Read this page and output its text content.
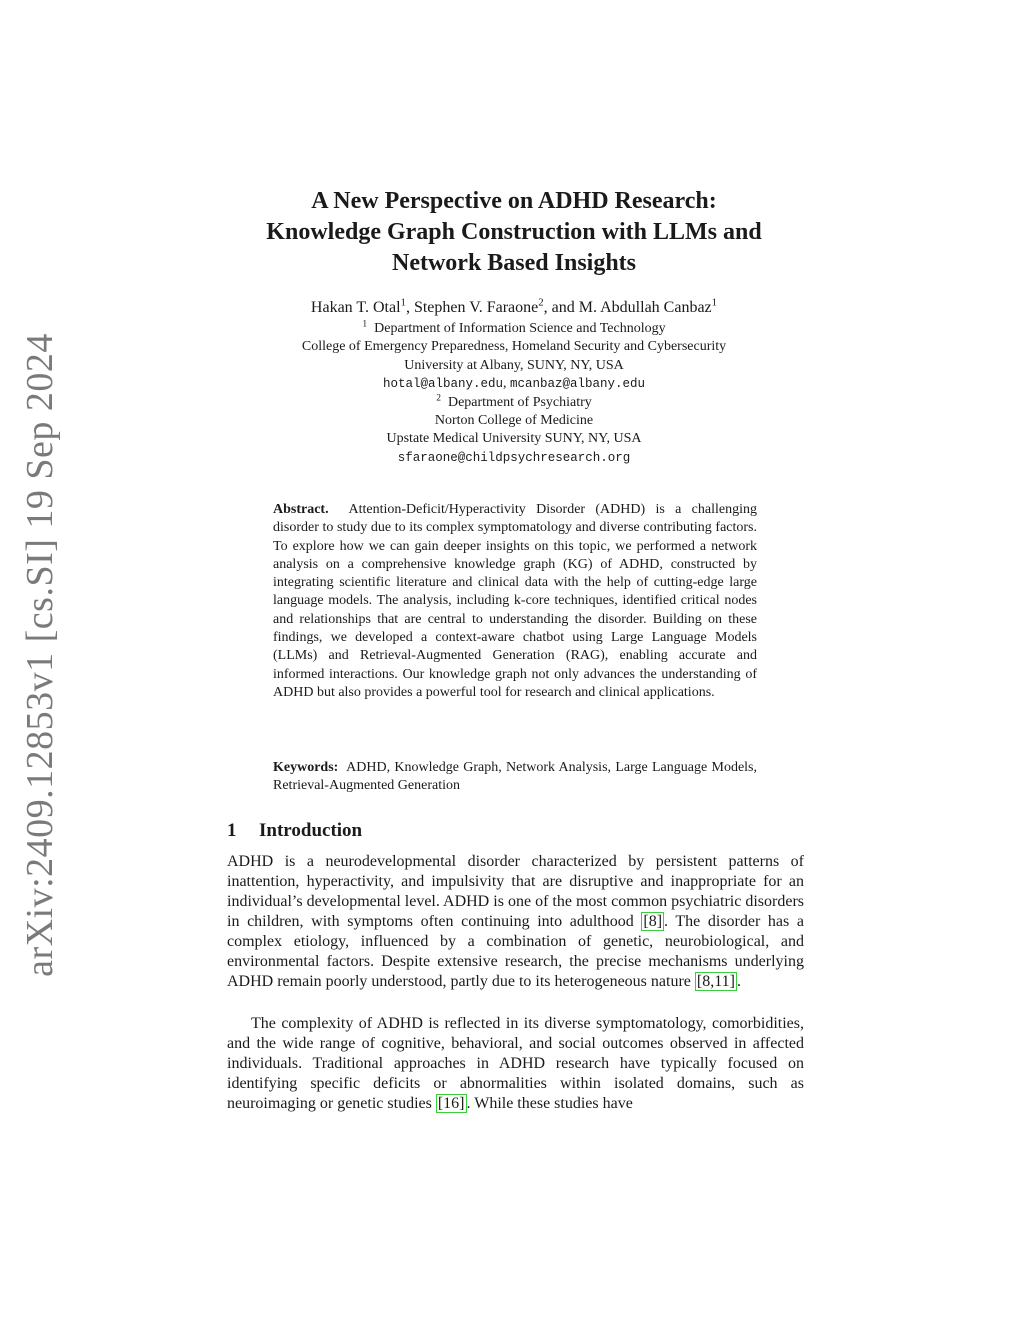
arXiv:2409.12853v1 [cs.SI] 19 Sep 2024
A New Perspective on ADHD Research:
Knowledge Graph Construction with LLMs and
Network Based Insights
Hakan T. Otal$^1$, Stephen V. Faraone$^2$, and M. Abdullah Canbaz$^1$
$^1$ Department of Information Science and Technology
College of Emergency Preparedness, Homeland Security and Cybersecurity
University at Albany, SUNY, NY, USA
hotal@albany.edu, mcanbaz@albany.edu
$^2$ Department of Psychiatry
Norton College of Medicine
Upstate Medical University SUNY, NY, USA
sfaraone@childpsychresearch.org
Abstract. Attention-Deficit/Hyperactivity Disorder (ADHD) is a challenging disorder to study due to its complex symptomatology and diverse contributing factors. To explore how we can gain deeper insights on this topic, we performed a network analysis on a comprehensive knowledge graph (KG) of ADHD, constructed by integrating scientific literature and clinical data with the help of cutting-edge large language models. The analysis, including k-core techniques, identified critical nodes and relationships that are central to understanding the disorder. Building on these findings, we developed a context-aware chatbot using Large Language Models (LLMs) and Retrieval-Augmented Generation (RAG), enabling accurate and informed interactions. Our knowledge graph not only advances the understanding of ADHD but also provides a powerful tool for research and clinical applications.
Keywords: ADHD, Knowledge Graph, Network Analysis, Large Language Models, Retrieval-Augmented Generation
1 Introduction

ADHD is a neurodevelopmental disorder characterized by persistent patterns of inattention, hyperactivity, and impulsivity that are disruptive and inappropriate for an individual’s developmental level. ADHD is one of the most common psychiatric disorders in children, with symptoms often continuing into adulthood [8] . The disorder has a complex etiology, influenced by a combination of genetic, neurobiological, and environmental factors. Despite extensive research, the precise mechanisms underlying ADHD remain poorly understood, partly due to its heterogeneous nature [8,11] .

The complexity of ADHD is reflected in its diverse symptomatology, comorbidities, and the wide range of cognitive, behavioral, and social outcomes observed in affected individuals. Traditional approaches in ADHD research have typically focused on identifying specific deficits or abnormalities within isolated domains, such as neuroimaging or genetic studies [16] . While these studies have
